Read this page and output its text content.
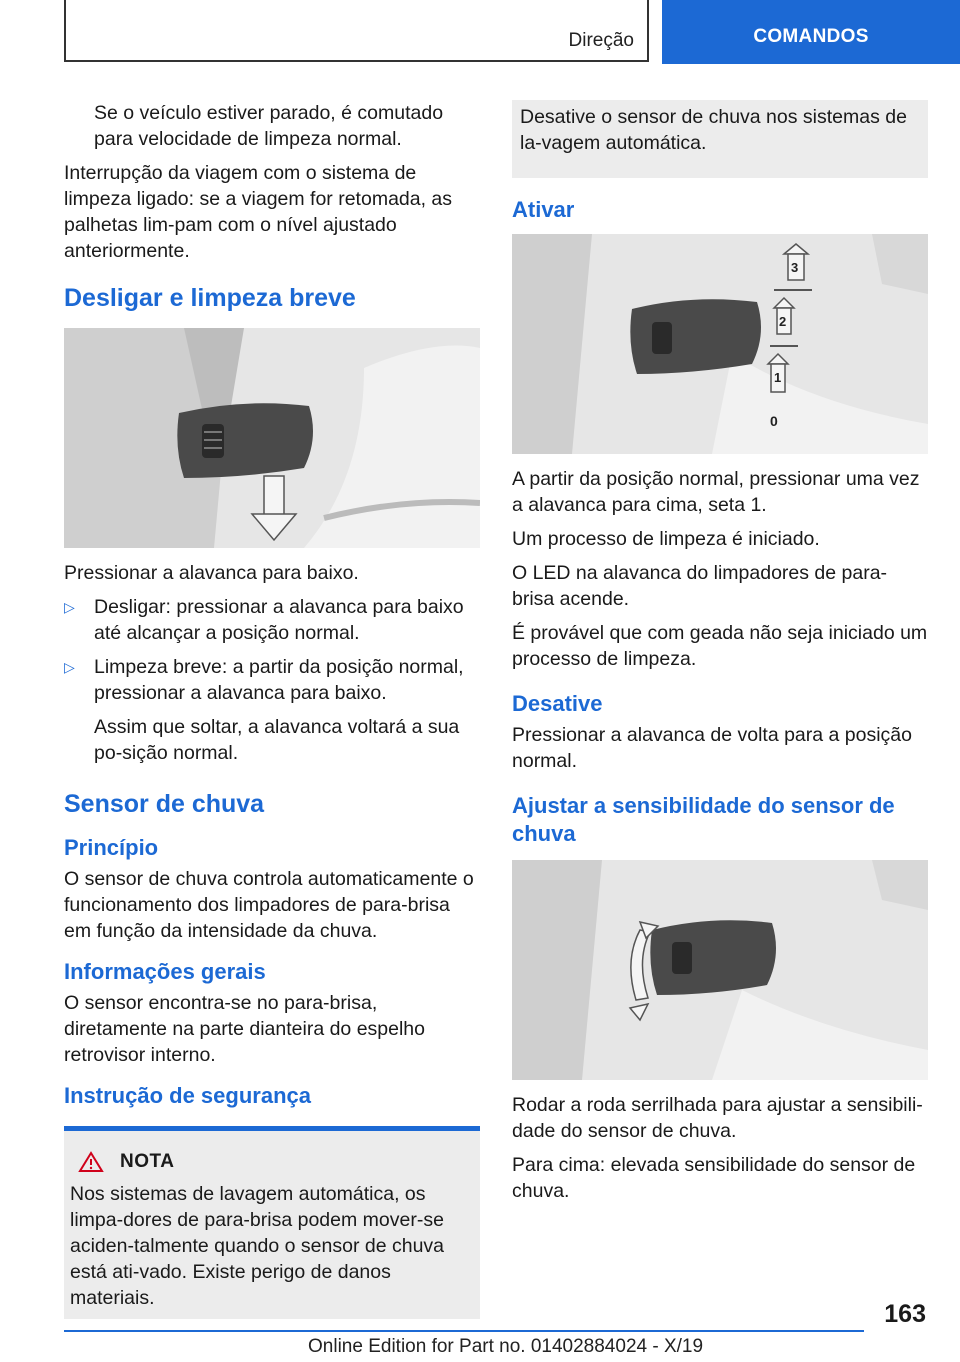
Direção	COMANDOS

Se o veículo estiver parado, é comutado para velocidade de limpeza normal.

Interrupção da viagem com o sistema de limpeza ligado: se a viagem for retomada, as palhetas lim-pam com o nível ajustado anteriormente.

Desligar e limpeza breve

Pressionar a alavanca para baixo.

▷ Desligar: pressionar a alavanca para baixo até alcançar a posição normal.
▷ Limpeza breve: a partir da posição normal, pressionar a alavanca para baixo.

Assim que soltar, a alavanca voltará a sua po-sição normal.

Sensor de chuva
Princípio

O sensor de chuva controla automaticamente o funcionamento dos limpadores de para-brisa em função da intensidade da chuva.

Informações gerais

O sensor encontra-se no para-brisa, diretamente na parte dianteira do espelho retrovisor interno.

Instrução de segurança
NOTA
Nos sistemas de lavagem automática, os limpa-dores de para-brisa podem mover-se aciden-talmente quando o sensor de chuva está ati-vado. Existe perigo de danos materiais.
Desative o sensor de chuva nos sistemas de la-vagem automática.
Ativar
3
2
1
0

A partir da posição normal, pressionar uma vez a alavanca para cima, seta 1.

Um processo de limpeza é iniciado.

O LED na alavanca do limpadores de para-brisa acende.

É provável que com geada não seja iniciado um processo de limpeza.

Desative

Pressionar a alavanca de volta para a posição normal.

Ajustar a sensibilidade do sensor de chuva

Rodar a roda serrilhada para ajustar a sensibili-dade do sensor de chuva.

Para cima: elevada sensibilidade do sensor de chuva.

163
Online Edition for Part no. 01402884024 - X/19
